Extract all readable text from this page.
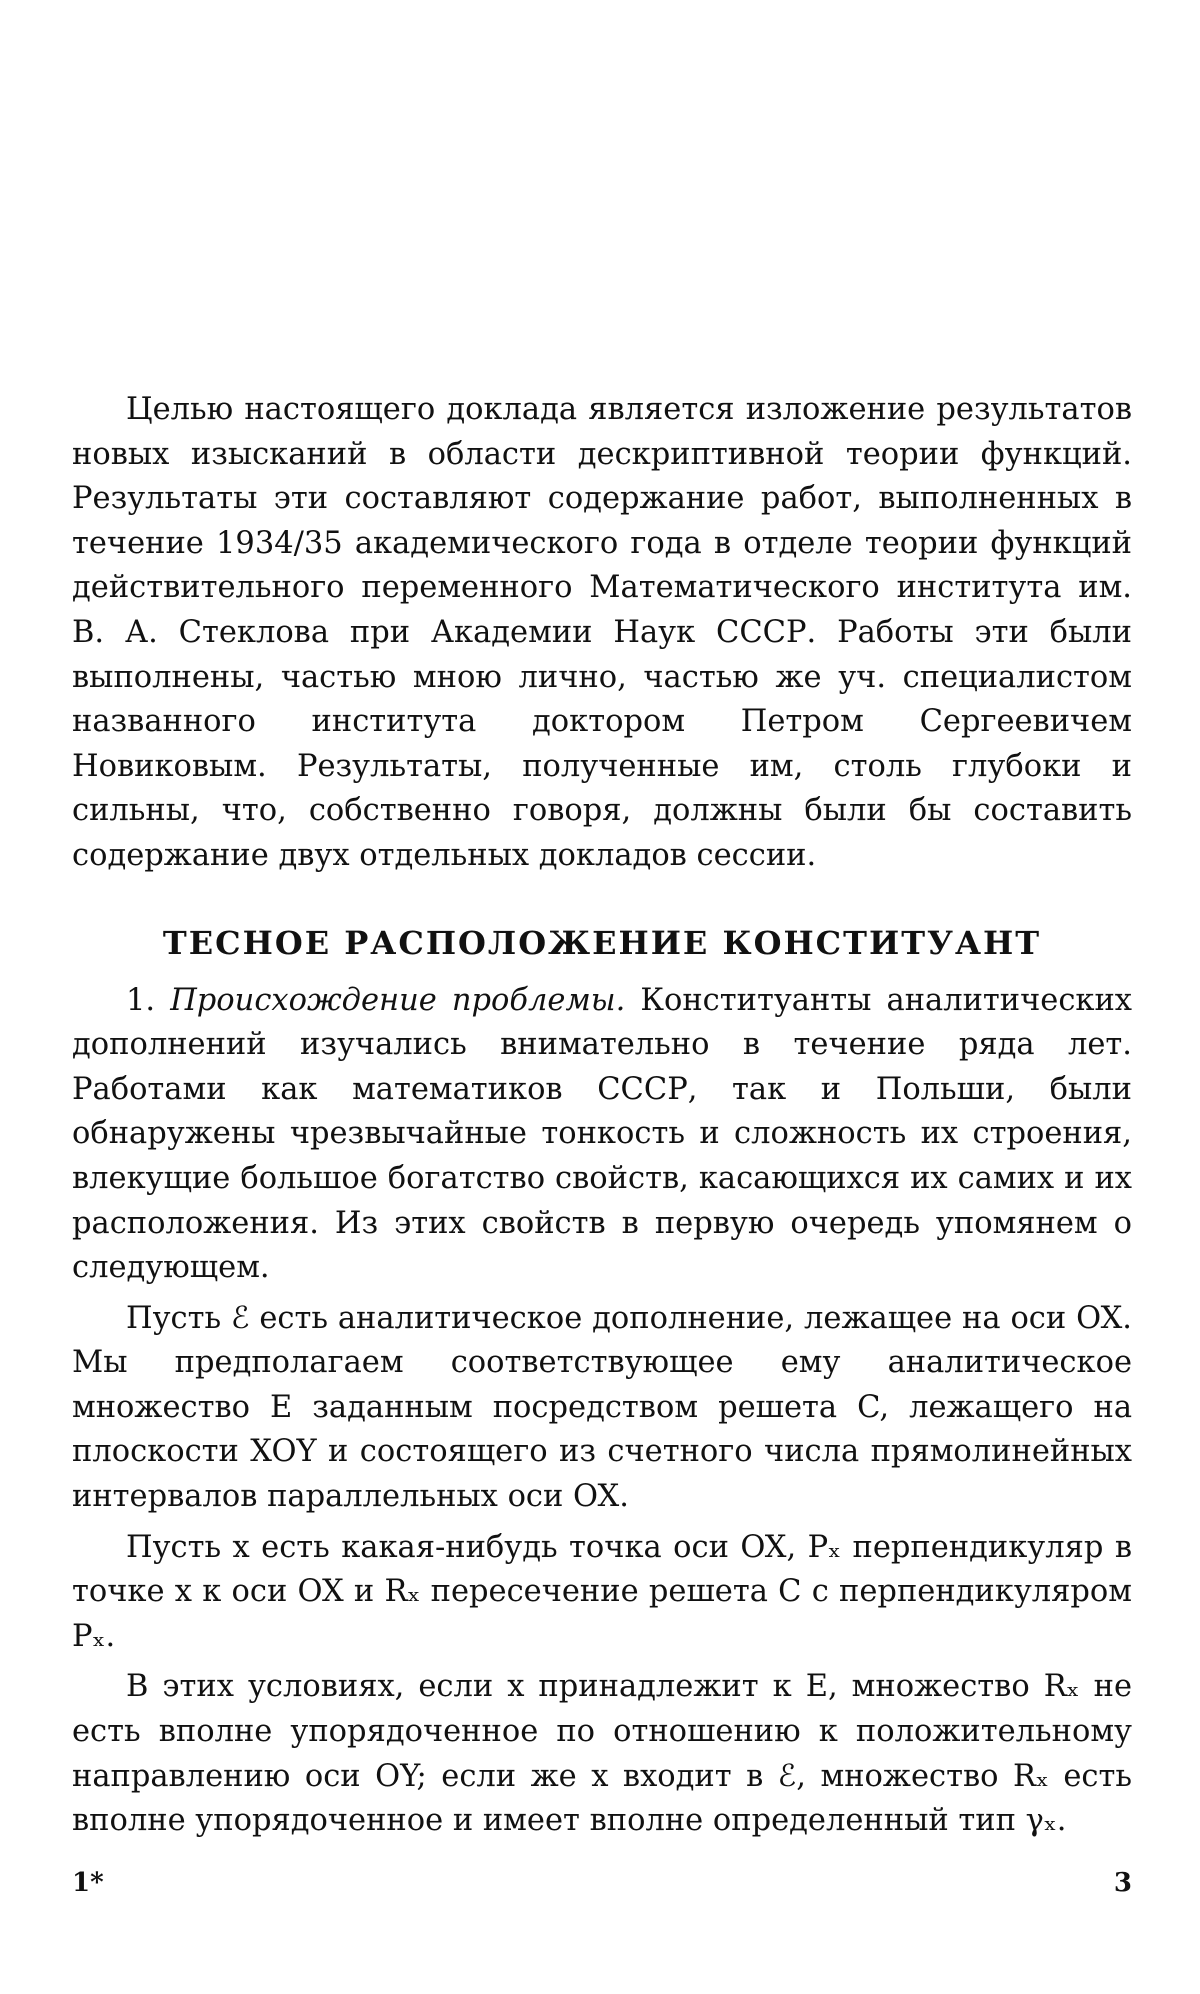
Целью настоящего доклада является изложение результатов новых изысканий в области дескриптивной теории функций. Результаты эти составляют содержание работ, выполненных в течение 1934/35 академического года в отделе теории функций действительного переменного Математического института им. В. А. Стеклова при Академии Наук СССР. Работы эти были выполнены, частью мною лично, частью же уч. специалистом названного института доктором Петром Сергеевичем Новиковым. Результаты, полученные им, столь глубоки и сильны, что, собственно говоря, должны были бы составить содержание двух отдельных докладов сессии.

ТЕСНОЕ РАСПОЛОЖЕНИЕ КОНСТИТУАНТ

1. Происхождение проблемы. Конституанты аналитических дополнений изучались внимательно в течение ряда лет. Работами как математиков СССР, так и Польши, были обнаружены чрезвычайные тонкость и сложность их строения, влекущие большое богатство свойств, касающихся их самих и их расположения. Из этих свойств в первую очередь упомянем о следующем.

Пусть ℰ есть аналитическое дополнение, лежащее на оси OX. Мы предполагаем соответствующее ему аналитическое множество E заданным посредством решета C, лежащего на плоскости XOY и состоящего из счетного числа прямолинейных интервалов параллельных оси OX.

Пусть x есть какая-нибудь точка оси OX, Pₓ перпендикуляр в точке x к оси OX и Rₓ пересечение решета C с перпендикуляром Pₓ.

В этих условиях, если x принадлежит к E, множество Rₓ не есть вполне упорядоченное по отношению к положительному направлению оси OY; если же x входит в ℰ, множество Rₓ есть вполне упорядоченное и имеет вполне определенный тип γₓ.

1*	3
